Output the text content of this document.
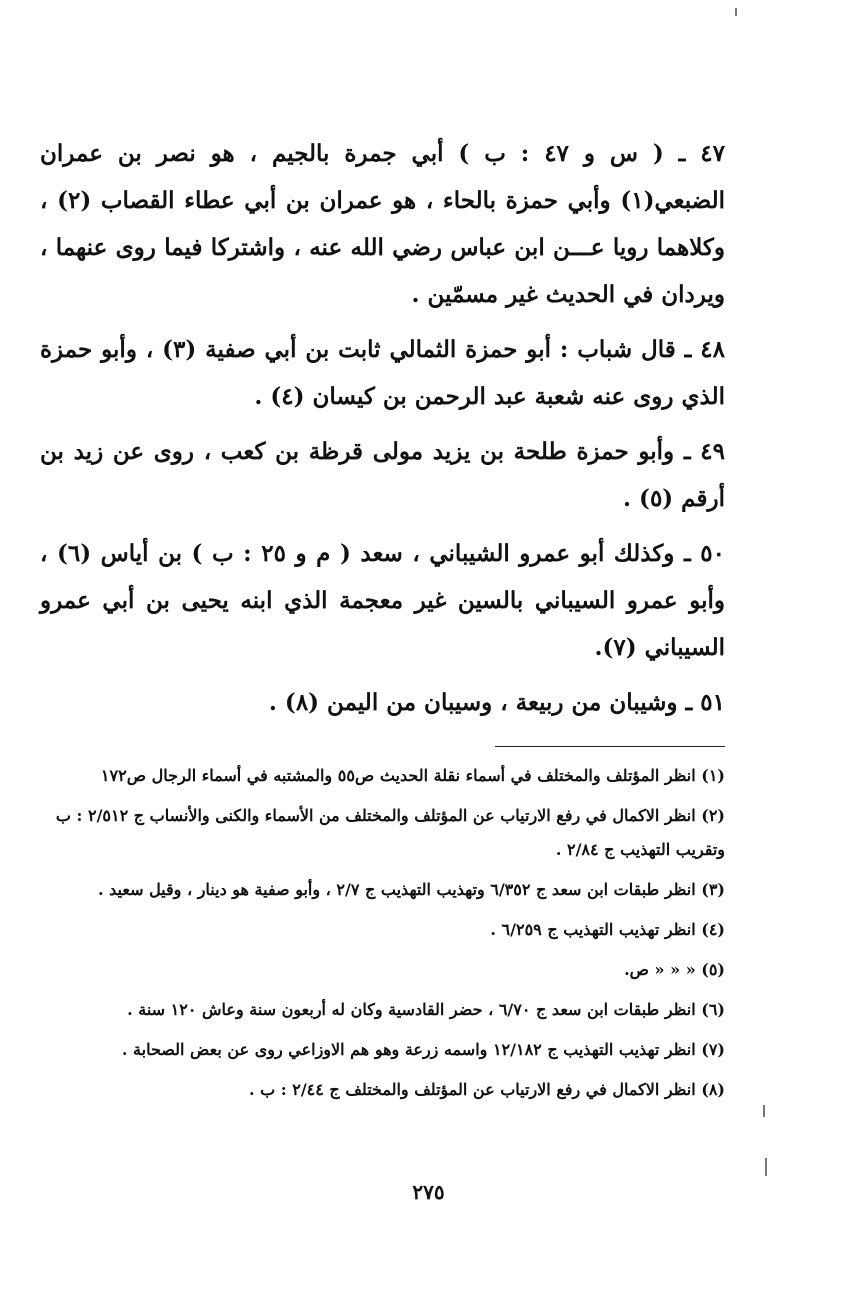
٤٧ ـ ( س و ٤٧ : ب ) أبي جمرة بالجيم ، هو نصر بن عمران الضبعي(١) وأبي حمزة بالحاء ، هو عمران بن أبي عطاء القصاب (٢) ، وكلاهما رويا عـــن ابن عباس رضي الله عنه ، واشتركا فيما روى عنهما ، ويردان في الحديث غير مسمّين .

٤٨ ـ قال شباب : أبو حمزة الثمالي ثابت بن أبي صفية (٣) ، وأبو حمزة الذي روى عنه شعبة عبد الرحمن بن كيسان (٤) .

٤٩ ـ وأبو حمزة طلحة بن يزيد مولى قرظة بن كعب ، روى عن زيد بن أرقم (٥) .

٥٠ ـ وكذلك أبو عمرو الشيباني ، سعد ( م و ٢٥ : ب ) بن أياس (٦) ، وأبو عمرو السيباني بالسين غير معجمة الذي ابنه يحيى بن أبي عمرو السيباني (٧).

٥١ ـ وشيبان من ربيعة ، وسيبان من اليمن (٨) .

(١) انظر المؤتلف والمختلف في أسماء نقلة الحديث ص٥٥ والمشتبه في أسماء الرجال ص١٧٢

(٢) انظر الاكمال في رفع الارتياب عن المؤتلف والمختلف من الأسماء والكنى والأنساب ج ٢/٥١٢ : ب وتقريب التهذيب ج ٢/٨٤ .

(٣) انظر طبقات ابن سعد ج ٦/٣٥٢ وتهذيب التهذيب ج ٢/٧ ، وأبو صفية هو دينار ، وقيل سعيد .

(٤) انظر تهذيب التهذيب ج ٦/٢٥٩ .

(٥) « « « ص.

(٦) انظر طبقات ابن سعد ج ٦/٧٠ ، حضر القادسية وكان له أربعون سنة وعاش ١٢٠ سنة .

(٧) انظر تهذيب التهذيب ج ١٢/١٨٢ واسمه زرعة وهو هم الاوزاعي روى عن بعض الصحابة .

(٨) انظر الاكمال في رفع الارتياب عن المؤتلف والمختلف ج ٢/٤٤ : ب .

٢٧٥
